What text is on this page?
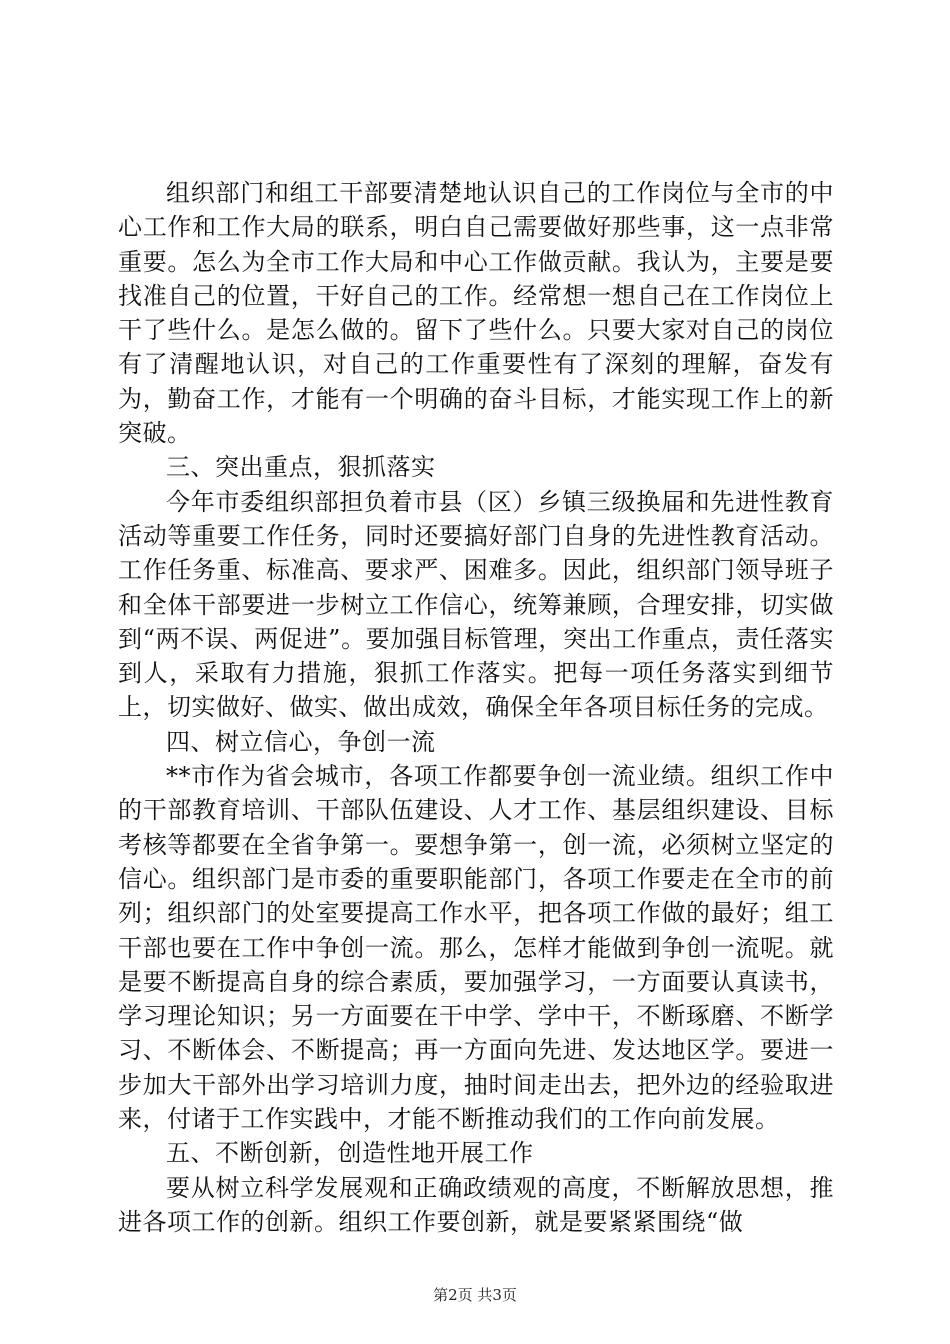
组织部门和组工干部要清楚地认识自己的工作岗位与全市的中心工作和工作大局的联系，明白自己需要做好那些事，这一点非常重要。怎么为全市工作大局和中心工作做贡献。我认为，主要是要找准自己的位置，干好自己的工作。经常想一想自己在工作岗位上干了些什么。是怎么做的。留下了些什么。只要大家对自己的岗位有了清醒地认识，对自己的工作重要性有了深刻的理解，奋发有为，勤奋工作，才能有一个明确的奋斗目标，才能实现工作上的新突破。

三、突出重点，狠抓落实

今年市委组织部担负着市县（区）乡镇三级换届和先进性教育活动等重要工作任务，同时还要搞好部门自身的先进性教育活动。工作任务重、标准高、要求严、困难多。因此，组织部门领导班子和全体干部要进一步树立工作信心，统筹兼顾，合理安排，切实做到“两不误、两促进”。要加强目标管理，突出工作重点，责任落实到人，采取有力措施，狠抓工作落实。把每一项任务落实到细节上，切实做好、做实、做出成效，确保全年各项目标任务的完成。

四、树立信心，争创一流

**市作为省会城市，各项工作都要争创一流业绩。组织工作中的干部教育培训、干部队伍建设、人才工作、基层组织建设、目标考核等都要在全省争第一。要想争第一，创一流，必须树立坚定的信心。组织部门是市委的重要职能部门，各项工作要走在全市的前列；组织部门的处室要提高工作水平，把各项工作做的最好；组工干部也要在工作中争创一流。那么，怎样才能做到争创一流呢。就是要不断提高自身的综合素质，要加强学习，一方面要认真读书，学习理论知识；另一方面要在干中学、学中干，不断琢磨、不断学习、不断体会、不断提高；再一方面向先进、发达地区学。要进一步加大干部外出学习培训力度，抽时间走出去，把外边的经验取进来，付诸于工作实践中，才能不断推动我们的工作向前发展。

五、不断创新，创造性地开展工作

要从树立科学发展观和正确政绩观的高度，不断解放思想，推进各项工作的创新。组织工作要创新，就是要紧紧围绕“做

第2页 共3页
